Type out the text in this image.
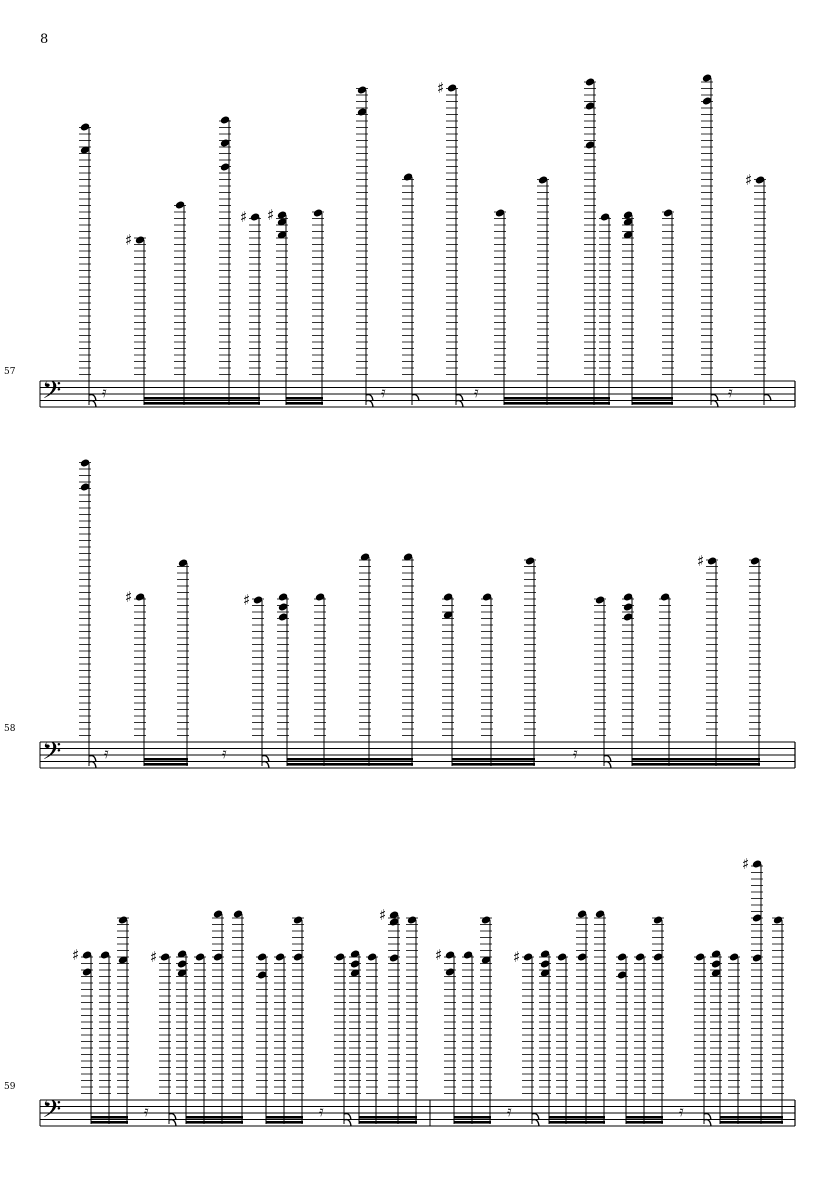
8
57
𝄢	𝄿
♯
♯ ♯
𝄿
♯
𝄿	𝄿
♯
58
𝄢	𝄿
♯
𝄿
♯
𝄿
♯
59
𝄢
♯
𝄿
♯
𝄿
♯
♯
𝄿
♯
𝄿
♯
